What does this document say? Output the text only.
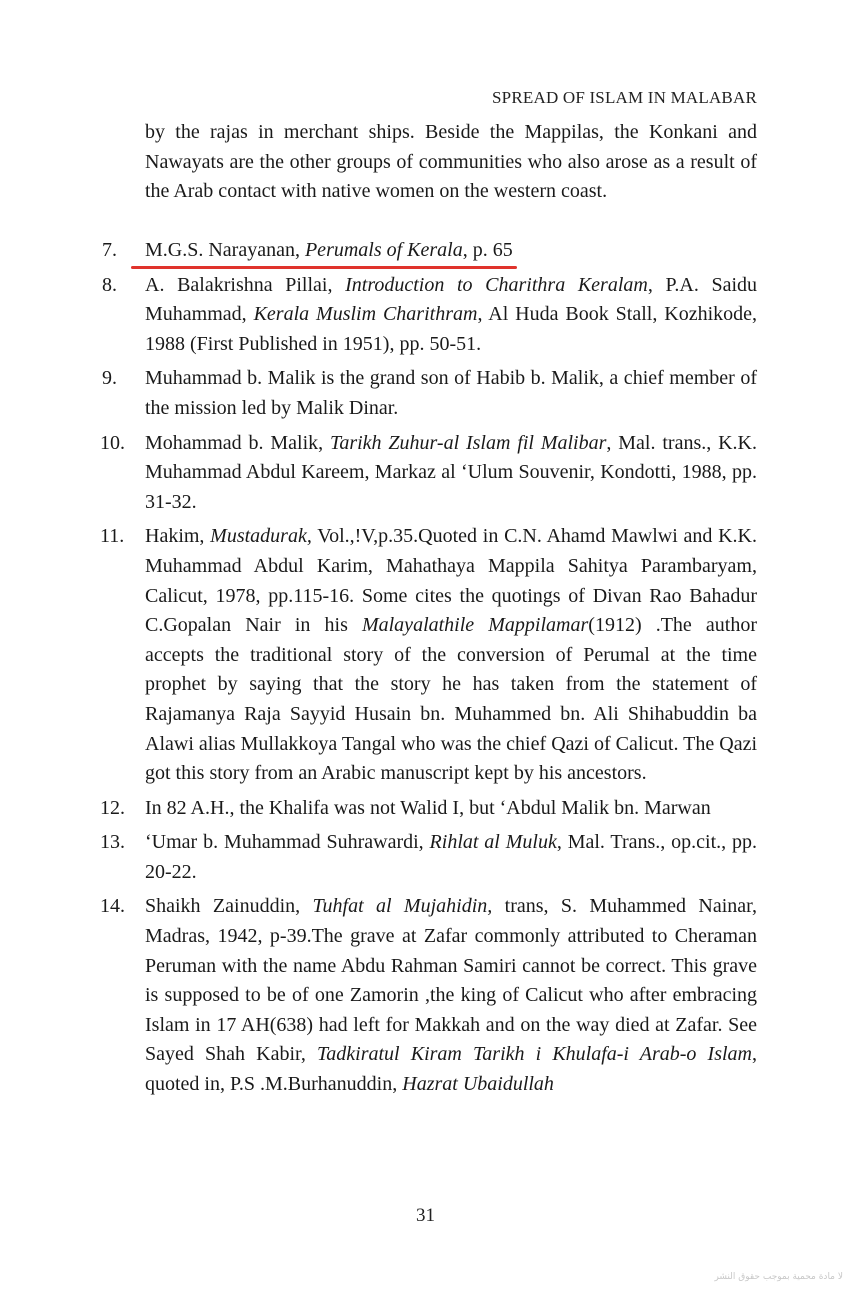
SPREAD OF ISLAM IN MALABAR
by the rajas in merchant ships. Beside the Mappilas, the Konkani and Nawayats are the other groups of communities who also arose as a result of the Arab contact with native women on the western coast.
7. M.G.S. Narayanan, Perumals of Kerala, p. 65
8. A. Balakrishna Pillai, Introduction to Charithra Keralam, P.A. Saidu Muhammad, Kerala Muslim Charithram, Al Huda Book Stall, Kozhikode, 1988 (First Published in 1951), pp. 50-51.
9. Muhammad b. Malik is the grand son of Habib b. Malik, a chief member of the mission led by Malik Dinar.
10. Mohammad b. Malik, Tarikh Zuhur-al Islam fil Malibar, Mal. trans., K.K. Muhammad Abdul Kareem, Markaz al ‘Ulum Souvenir, Kondotti, 1988, pp. 31-32.
11. Hakim, Mustadurak, Vol.,!V,p.35.Quoted in C.N. Ahamd Mawlwi and K.K. Muhammad Abdul Karim, Mahathaya Mappila Sahitya Parambaryam, Calicut, 1978, pp.115-16. Some cites the quotings of Divan Rao Bahadur C.Gopalan Nair in his Malayalathile Mappilamar(1912) .The author accepts the traditional story of the conversion of Perumal at the time prophet by saying that the story he has taken from the statement of Rajamanya Raja Sayyid Husain bn. Muhammed bn. Ali Shihabuddin ba Alawi alias Mullakkoya Tangal who was the chief Qazi of Calicut. The Qazi got this story from an Arabic manuscript kept by his ancestors.
12. In 82 A.H., the Khalifa was not Walid I, but ‘Abdul Malik bn. Marwan
13. ‘Umar b. Muhammad Suhrawardi, Rihlat al Muluk, Mal. Trans., op.cit., pp. 20-22.
14. Shaikh Zainuddin, Tuhfat al Mujahidin, trans, S. Muhammed Nainar, Madras, 1942, p-39.The grave at Zafar commonly attributed to Cheraman Peruman with the name Abdu Rahman Samiri cannot be correct. This grave is supposed to be of one Zamorin ,the king of Calicut who after embracing Islam in 17 AH(638) had left for Makkah and on the way died at Zafar. See Sayed Shah Kabir, Tadkiratul Kiram Tarikh i Khulafa-i Arab-o Islam, quoted in, P.S .M.Burhanuddin, Hazrat Ubaidullah
31
لا مادة محمية بموجب حقوق النشر
